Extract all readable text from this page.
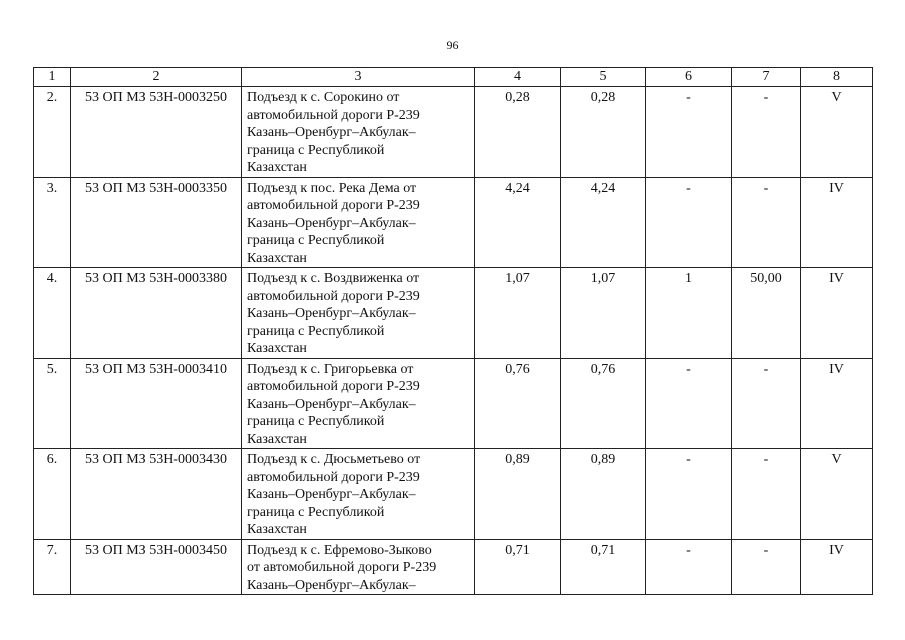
96
1	2	3	4	5	6	7	8
2.	53 ОП МЗ 53Н-0003250	Подъезд к с. Сорокино от
автомобильной дороги Р-239
Казань–Оренбург–Акбулак–
граница с Республикой
Казахстан	0,28	0,28	-	-	V
3.	53 ОП МЗ 53Н-0003350	Подъезд к пос. Река Дема от
автомобильной дороги Р-239
Казань–Оренбург–Акбулак–
граница с Республикой
Казахстан	4,24	4,24	-	-	IV
4.	53 ОП МЗ 53Н-0003380	Подъезд к с. Воздвиженка от
автомобильной дороги Р-239
Казань–Оренбург–Акбулак–
граница с Республикой
Казахстан	1,07	1,07	1	50,00	IV
5.	53 ОП МЗ 53Н-0003410	Подъезд к с. Григорьевка от
автомобильной дороги Р-239
Казань–Оренбург–Акбулак–
граница с Республикой
Казахстан	0,76	0,76	-	-	IV
6.	53 ОП МЗ 53Н-0003430	Подъезд к с. Дюсьметьево от
автомобильной дороги Р-239
Казань–Оренбург–Акбулак–
граница с Республикой
Казахстан	0,89	0,89	-	-	V
7.	53 ОП МЗ 53Н-0003450	Подъезд к с. Ефремово-Зыково
от автомобильной дороги Р-239
Казань–Оренбург–Акбулак–	0,71	0,71	-	-	IV
